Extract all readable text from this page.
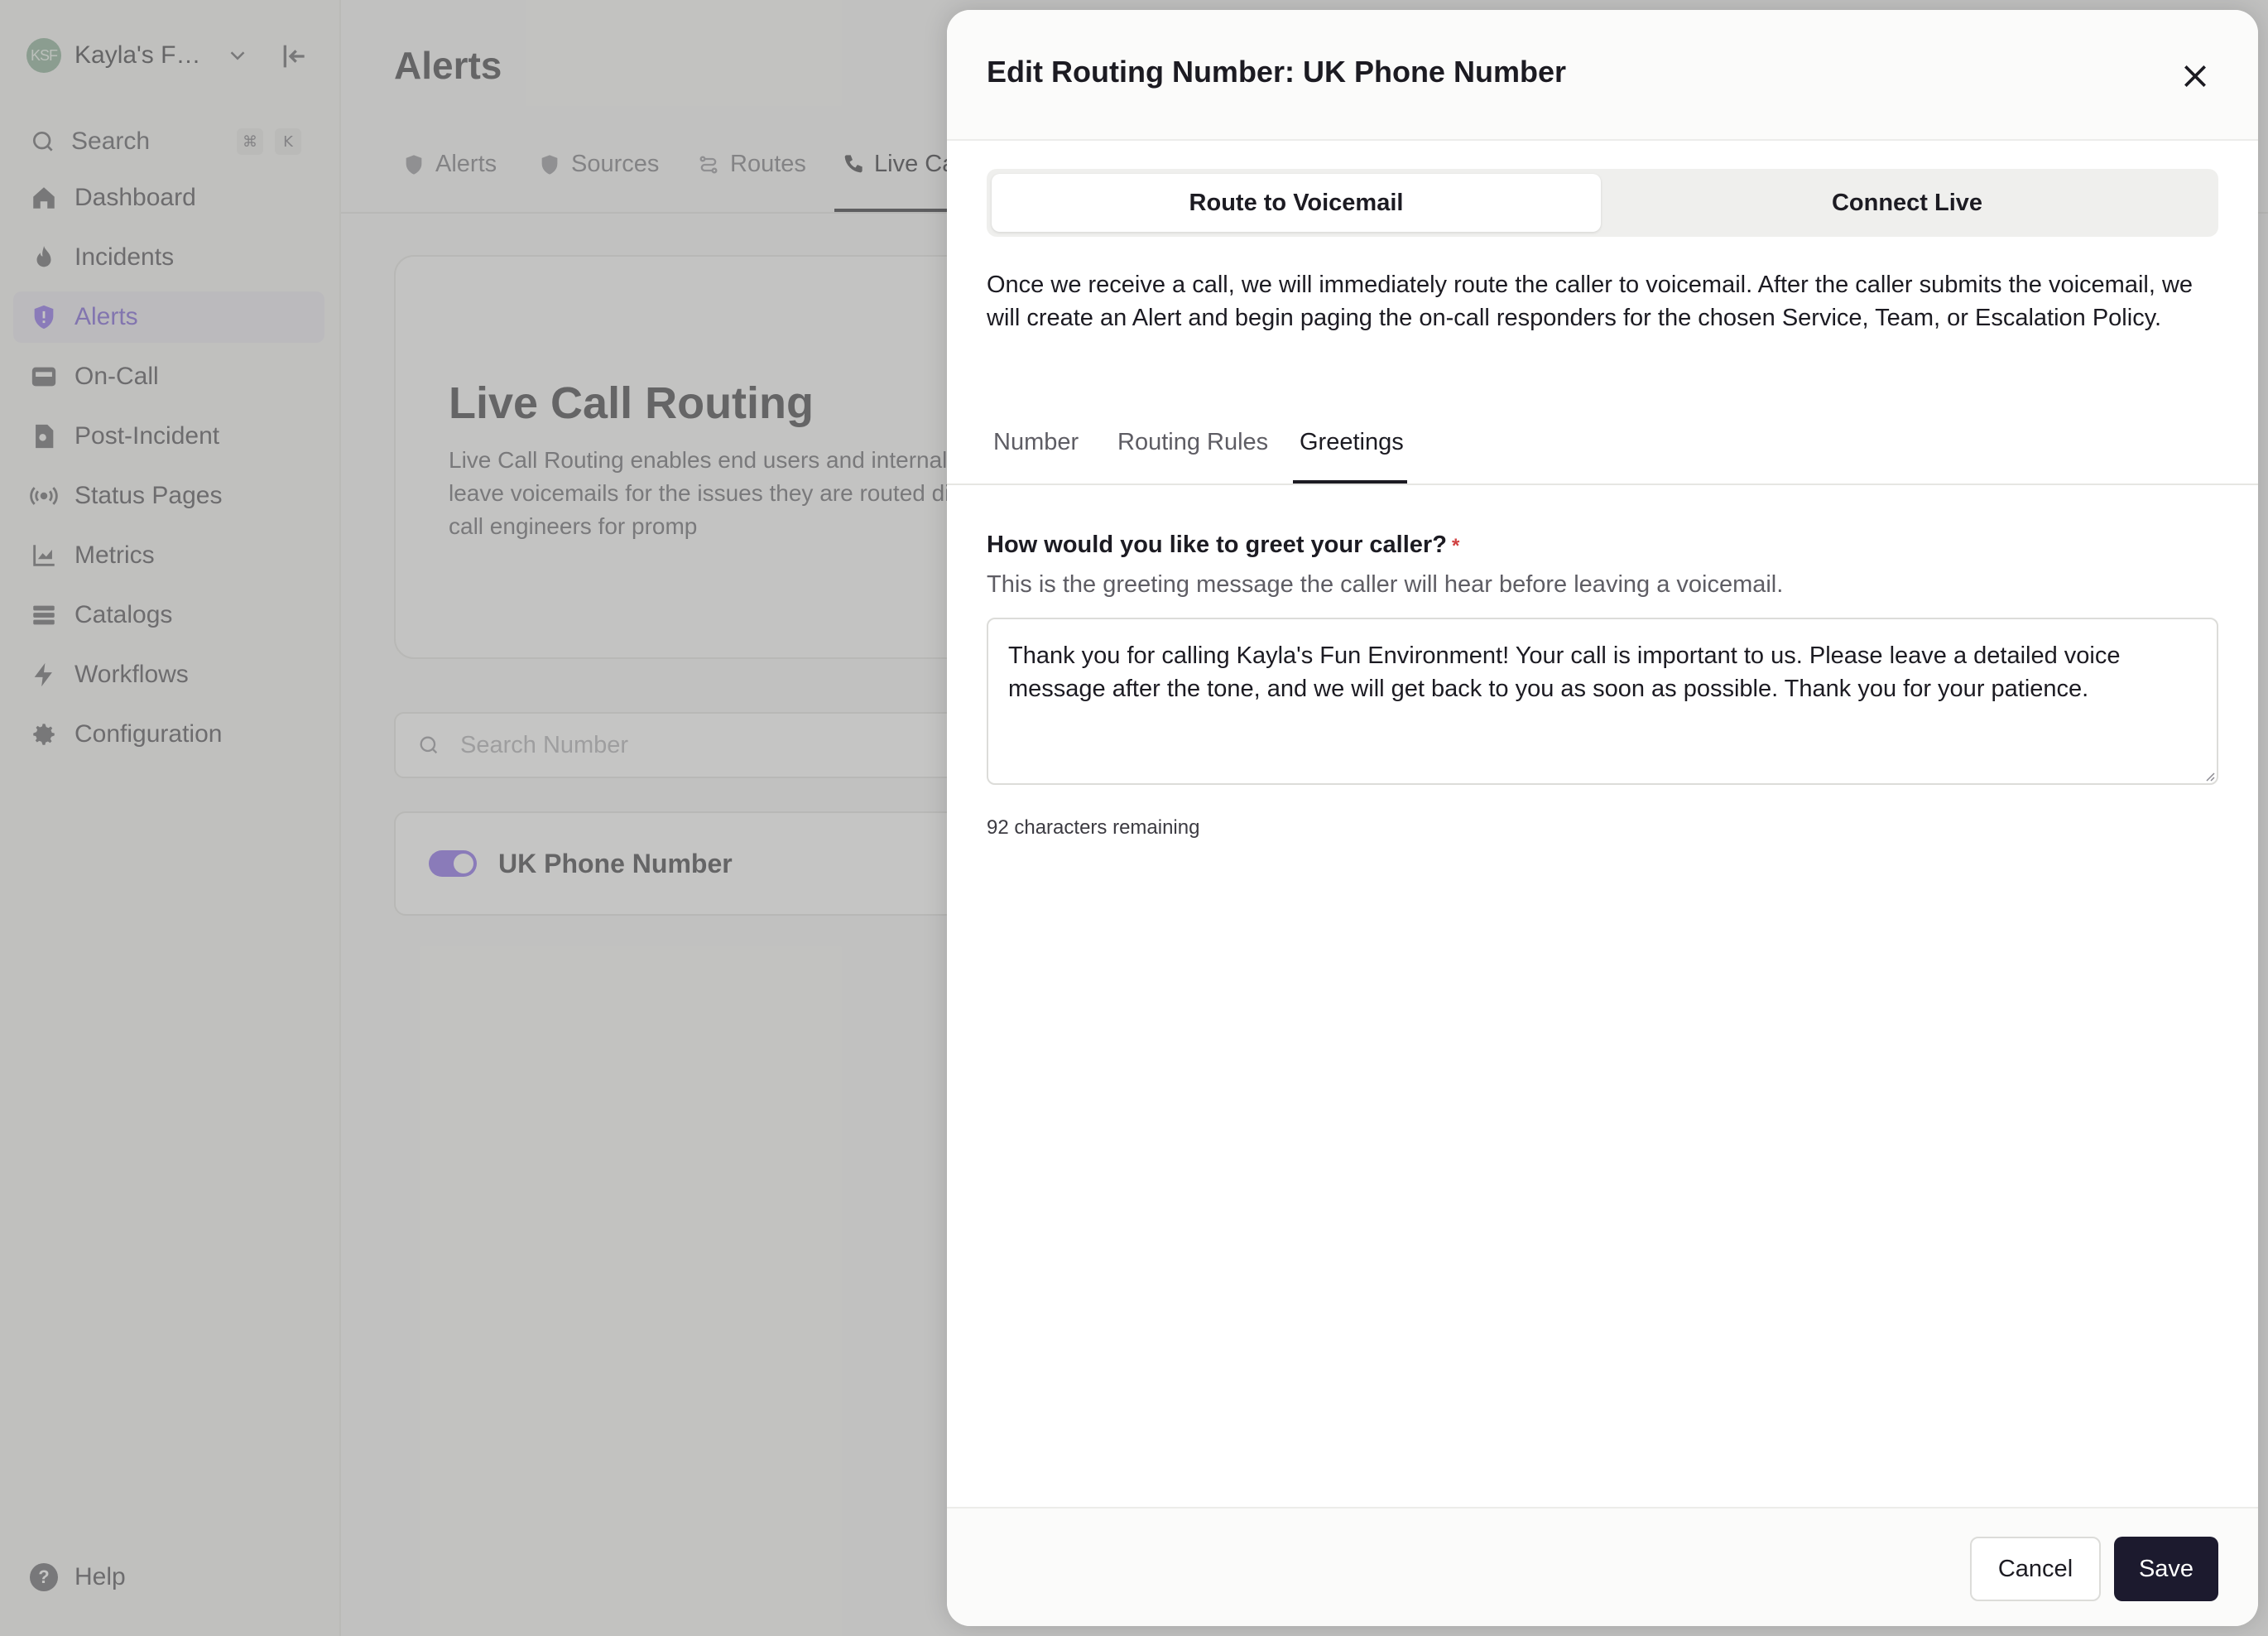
Edit Routing Number: UK Phone Number
Route to Voicemail	Connect Live
Once we receive a call, we will immediately route the caller to voicemail. After the caller submits the voicemail, we will create an Alert and begin paging the on-call responders for the chosen Service, Team, or Escalation Policy.
Number Routing Rules Greetings
How would you like to greet your caller? *
This is the greeting message the caller will hear before leaving a voicemail.
Thank you for calling Kayla's Fun Environment! Your call is important to us. Please leave a detailed voice message after the tone, and we will get back to you as soon as possible. Thank you for your patience.
92 characters remaining
Cancel	Save
